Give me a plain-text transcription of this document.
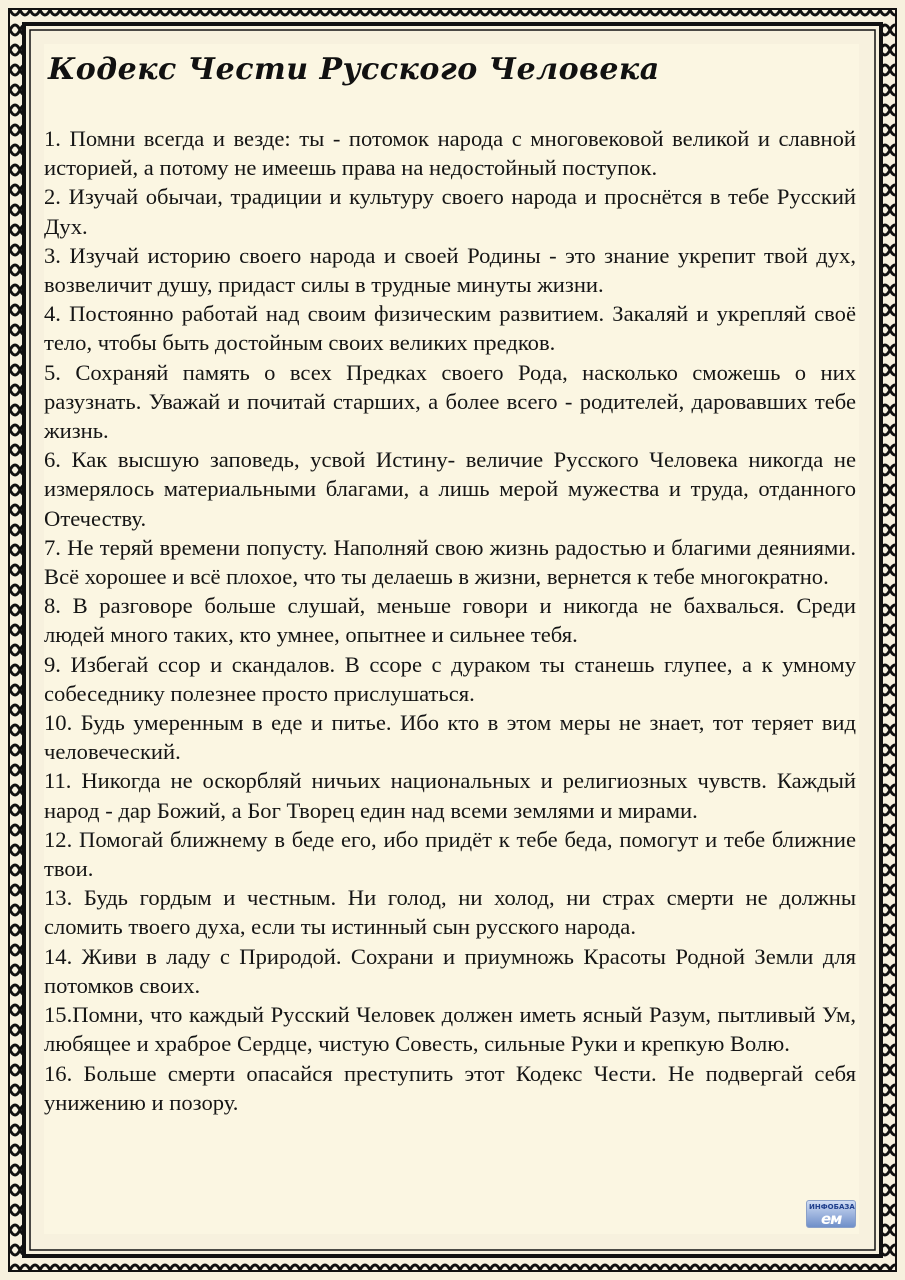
Кодекс Чести Русского Человека

1. Помни всегда и везде: ты - потомок народа с многовековой великой и славной историей, а потому не имеешь права на недостойный поступок.

2. Изучай обычаи, традиции и культуру своего народа и проснётся в тебе Русский Дух.

3. Изучай историю своего народа и своей Родины - это знание укрепит твой дух, возвеличит душу, придаст силы в трудные минуты жизни.

4. Постоянно работай над своим физическим развитием. Закаляй и укрепляй своё тело, чтобы быть достойным своих великих предков.

5. Сохраняй память о всех Предках своего Рода, насколько сможешь о них разузнать. Уважай и почитай старших, а более всего - родителей, даровавших тебе жизнь.

6. Как высшую заповедь, усвой Истину- величие Русского Человека никогда не измерялось материальными благами, а лишь мерой мужества и труда, отданного Отечеству.

7. Не теряй времени попусту. Наполняй свою жизнь радостью и благими деяниями. Всё хорошее и всё плохое, что ты делаешь в жизни, вернется к тебе многократно.

8. В разговоре больше слушай, меньше говори и никогда не бахвалься. Среди людей много таких, кто умнее, опытнее и сильнее тебя.

9. Избегай ссор и скандалов. В ссоре с дураком ты станешь глупее, а к умному собеседнику полезнее просто прислушаться.

10. Будь умеренным в еде и питье. Ибо кто в этом меры не знает, тот теряет вид человеческий.

11. Никогда не оскорбляй ничьих национальных и религиозных чувств. Каждый народ - дар Божий, а Бог Творец един над всеми землями и мирами.

12. Помогай ближнему в беде его, ибо придёт к тебе беда, помогут и тебе ближние твои.

13. Будь гордым и честным. Ни голод, ни холод, ни страх смерти не должны сломить твоего духа, если ты истинный сын русского народа.

14. Живи в ладу с Природой. Сохрани и приумножь Красоты Родной Земли для потомков своих.

15.Помни, что каждый Русский Человек должен иметь ясный Разум, пытливый Ум, любящее и храброе Сердце, чистую Совесть, сильные Руки и крепкую Волю.

16. Больше смерти опасайся преступить этот Кодекс Чести. Не подвергай себя унижению и позору.

ИНФОБАЗА
ем
